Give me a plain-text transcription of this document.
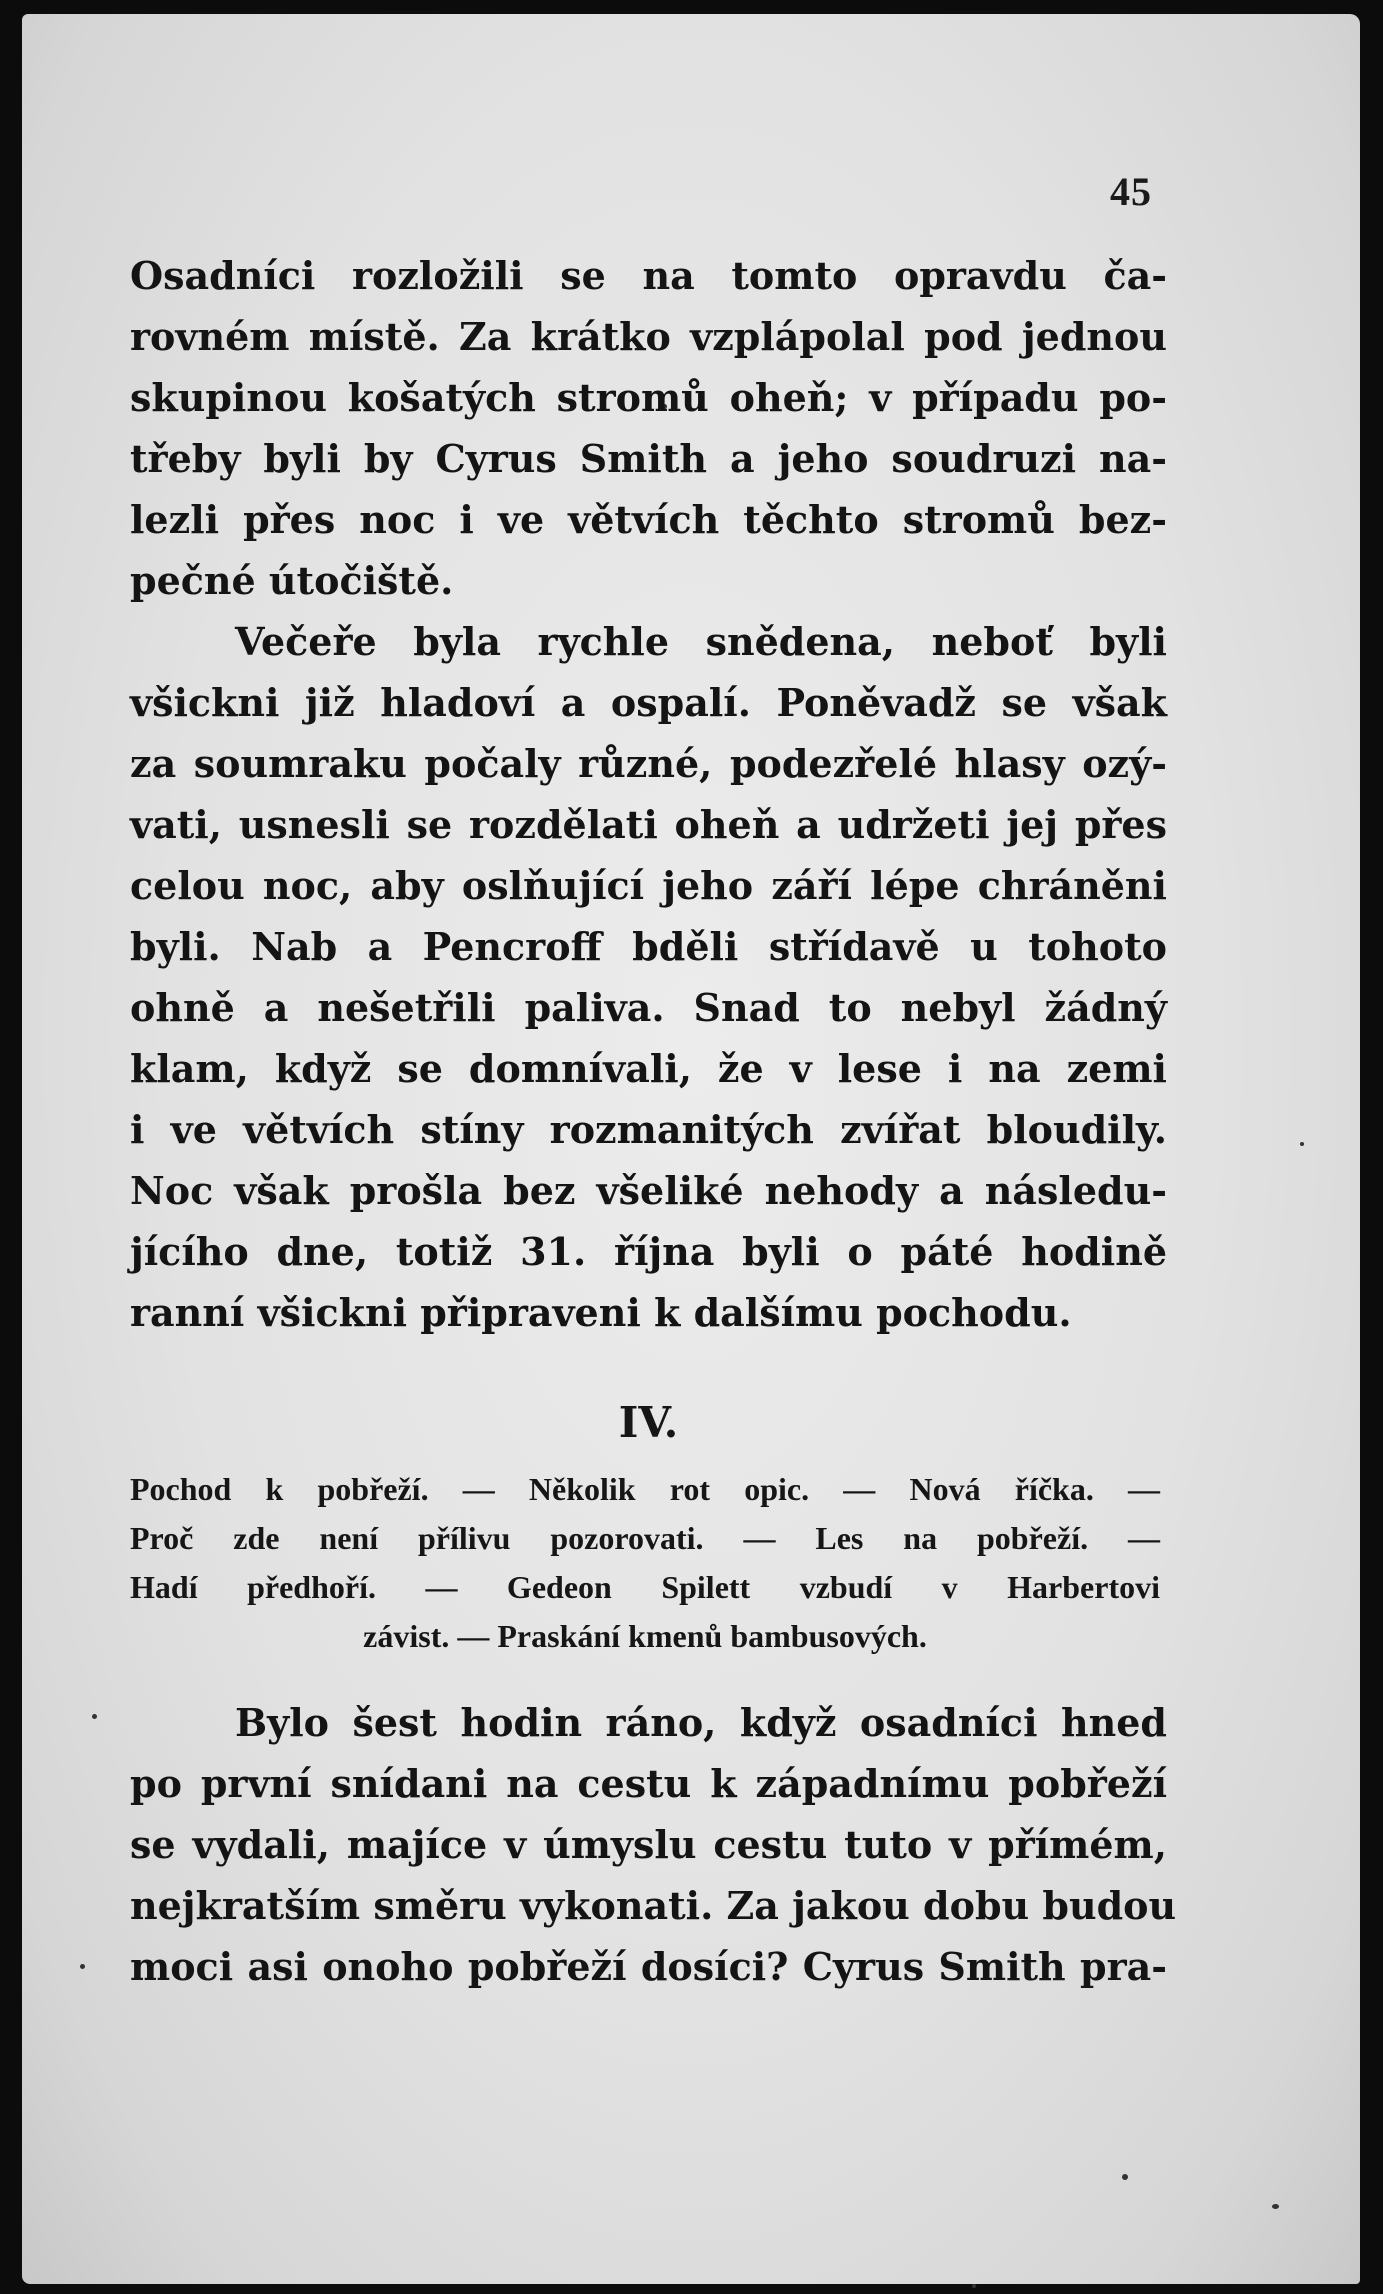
45
Osadníci rozložili se na tomto opravdu ča-
rovném místě. Za krátko vzplápolal pod jednou
skupinou košatých stromů oheň; v případu po-
třeby byli by Cyrus Smith a jeho soudruzi na-
lezli přes noc i ve větvích těchto stromů bez-
pečné útočiště.
Večeře byla rychle snědena, neboť byli
všickni již hladoví a ospalí. Poněvadž se však
za soumraku počaly různé, podezřelé hlasy ozý-
vati, usnesli se rozdělati oheň a udržeti jej přes
celou noc, aby oslňující jeho září lépe chráněni
byli. Nab a Pencroff bděli střídavě u tohoto
ohně a nešetřili paliva. Snad to nebyl žádný
klam, když se domnívali, že v lese i na zemi
i ve větvích stíny rozmanitých zvířat bloudily.
Noc však prošla bez všeliké nehody a následu-
jícího dne, totiž 31. října byli o páté hodině
ranní všickni připraveni k dalšímu pochodu.
IV.
Pochod k pobřeží. — Několik rot opic. — Nová říčka. —
Proč zde není přílivu pozorovati. — Les na pobřeží. —
Hadí předhoří. — Gedeon Spilett vzbudí v Harbertovi
závist. — Praskání kmenů bambusových.
Bylo šest hodin ráno, když osadníci hned
po první snídani na cestu k západnímu pobřeží
se vydali, majíce v úmyslu cestu tuto v přímém,
nejkratším směru vykonati. Za jakou dobu budou
moci asi onoho pobřeží dosíci? Cyrus Smith pra-
